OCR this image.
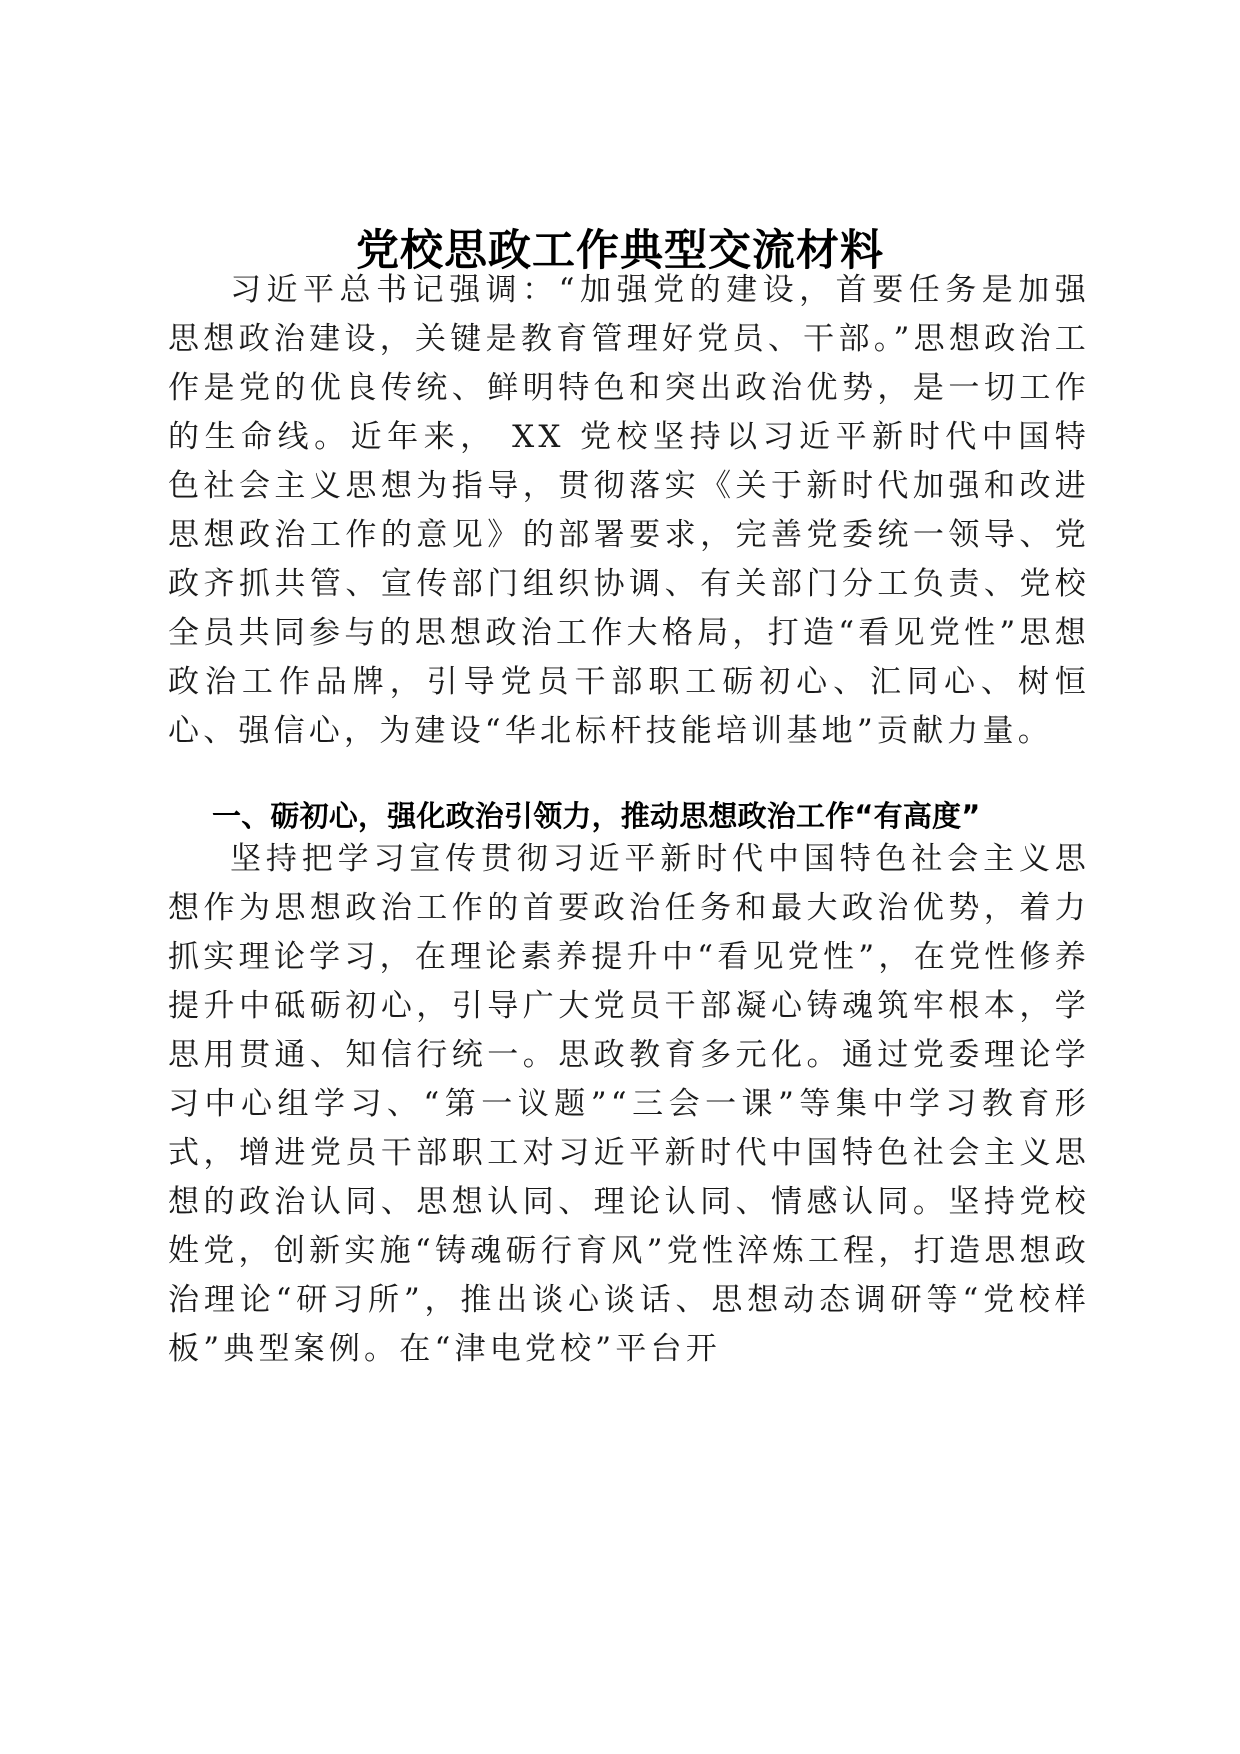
党校思政工作典型交流材料

习近平总书记强调：“加强党的建设，首要任务是加强思想政治建设，关键是教育管理好党员、干部。”思想政治工作是党的优良传统、鲜明特色和突出政治优势，是一切工作的生命线。近年来， XX 党校坚持以习近平新时代中国特色社会主义思想为指导，贯彻落实《关于新时代加强和改进思想政治工作的意见》的部署要求，完善党委统一领导、党政齐抓共管、宣传部门组织协调、有关部门分工负责、党校全员共同参与的思想政治工作大格局，打造“看见党性”思想政治工作品牌，引导党员干部职工砺初心、汇同心、树恒心、强信心，为建设“华北标杆技能培训基地”贡献力量。

一、砺初心，强化政治引领力，推动思想政治工作“有高度”

坚持把学习宣传贯彻习近平新时代中国特色社会主义思想作为思想政治工作的首要政治任务和最大政治优势，着力抓实理论学习，在理论素养提升中“看见党性”，在党性修养提升中砥砺初心，引导广大党员干部凝心铸魂筑牢根本，学思用贯通、知信行统一。思政教育多元化。通过党委理论学习中心组学习、“第一议题”“三会一课”等集中学习教育形式，增进党员干部职工对习近平新时代中国特色社会主义思想的政治认同、思想认同、理论认同、情感认同。坚持党校姓党，创新实施“铸魂砺行育风”党性淬炼工程，打造思想政治理论“研习所”，推出谈心谈话、思想动态调研等“党校样板”典型案例。在“津电党校”平台开
